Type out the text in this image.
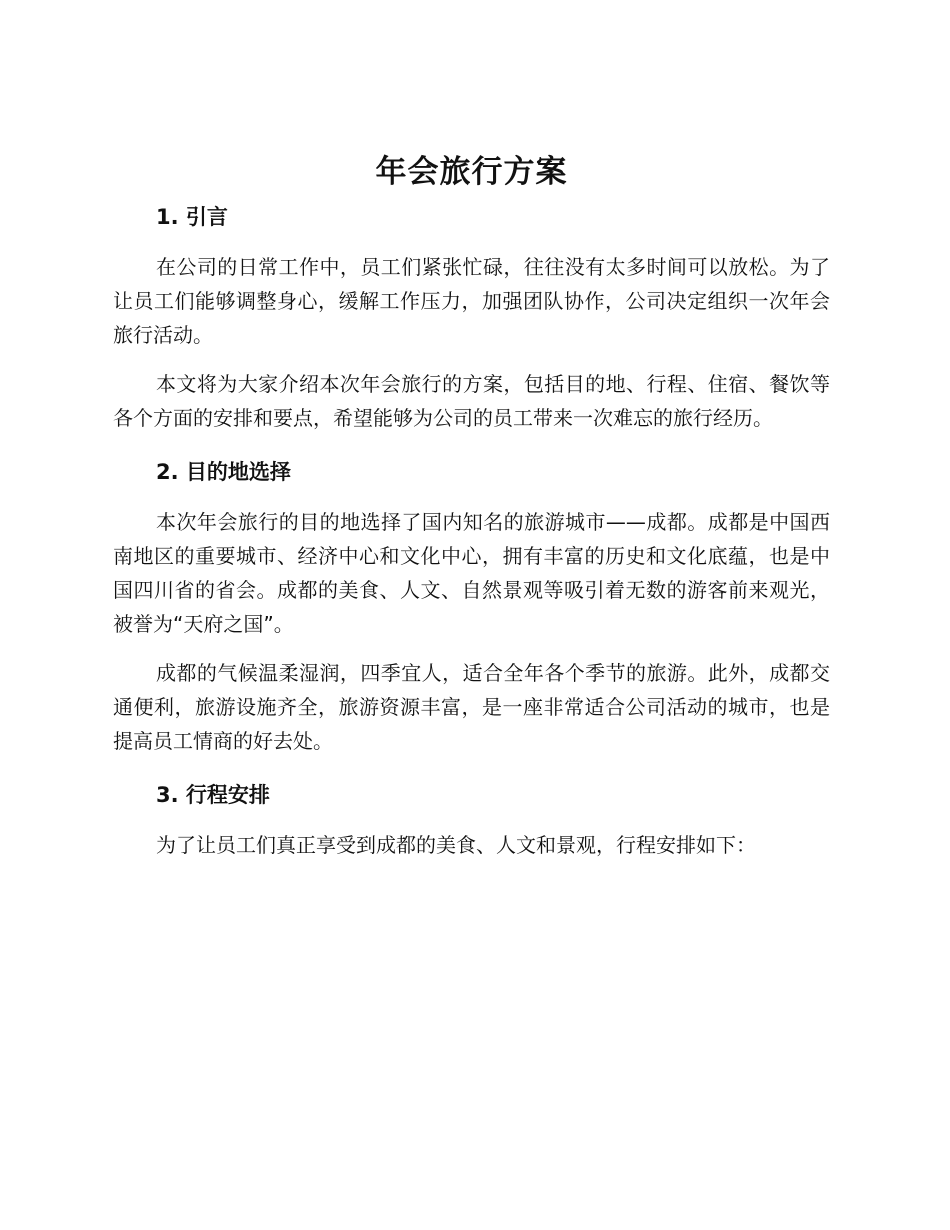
年会旅行方案
1. 引言

在公司的日常工作中，员工们紧张忙碌，往往没有太多时间可以放松。为了让员工们能够调整身心，缓解工作压力，加强团队协作，公司决定组织一次年会旅行活动。

本文将为大家介绍本次年会旅行的方案，包括目的地、行程、住宿、餐饮等各个方面的安排和要点，希望能够为公司的员工带来一次难忘的旅行经历。

2. 目的地选择

本次年会旅行的目的地选择了国内知名的旅游城市——成都。成都是中国西南地区的重要城市、经济中心和文化中心，拥有丰富的历史和文化底蕴，也是中国四川省的省会。成都的美食、人文、自然景观等吸引着无数的游客前来观光，被誉为“天府之国”。

成都的气候温柔湿润，四季宜人，适合全年各个季节的旅游。此外，成都交通便利，旅游设施齐全，旅游资源丰富，是一座非常适合公司活动的城市，也是提高员工情商的好去处。

3. 行程安排

为了让员工们真正享受到成都的美食、人文和景观，行程安排如下：
